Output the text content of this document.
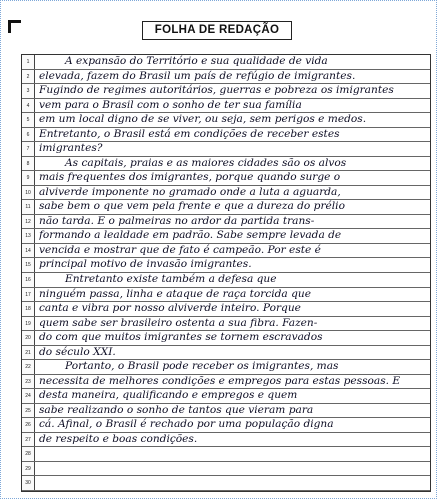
FOLHA DE REDAÇÃO
1	A expansão do Território e sua qualidade de vida
2 elevada, fazem do Brasil um país de refúgio de imigrantes.
3 Fugindo de regimes autoritários, guerras e pobreza os imigrantes
4 vem para o Brasil com o sonho de ter sua família
5 em um local digno de se viver, ou seja, sem perigos e medos.
6 Entretanto, o Brasil está em condições de receber estes
7 imigrantes?
8	As capitais, praias e as maiores cidades são os alvos
9 mais frequentes dos imigrantes, porque quando surge o
10 alviverde imponente no gramado onde a luta a aguarda,
11 sabe bem o que vem pela frente e que a dureza do prélio
12 não tarda. E o palmeiras no ardor da partida trans-
13 formando a lealdade em padrão. Sabe sempre levada de
14 vencida e mostrar que de fato é campeão. Por este é
15 principal motivo de invasão imigrantes.
16	Entretanto existe também a defesa que
17 ninguém passa, linha e ataque de raça torcida que
18 canta e vibra por nosso alviverde inteiro. Porque
19 quem sabe ser brasileiro ostenta a sua fibra. Fazen-
20 do com que muitos imigrantes se tornem escravados
21 do século XXI.
22	Portanto, o Brasil pode receber os imigrantes, mas
23 necessita de melhores condições e empregos para estas pessoas. E
24 desta maneira, qualificando e empregos e quem
25 sabe realizando o sonho de tantos que vieram para
26 cá. Afinal, o Brasil é rechado por uma população digna
27 de respeito e boas condições.
28
29
30
